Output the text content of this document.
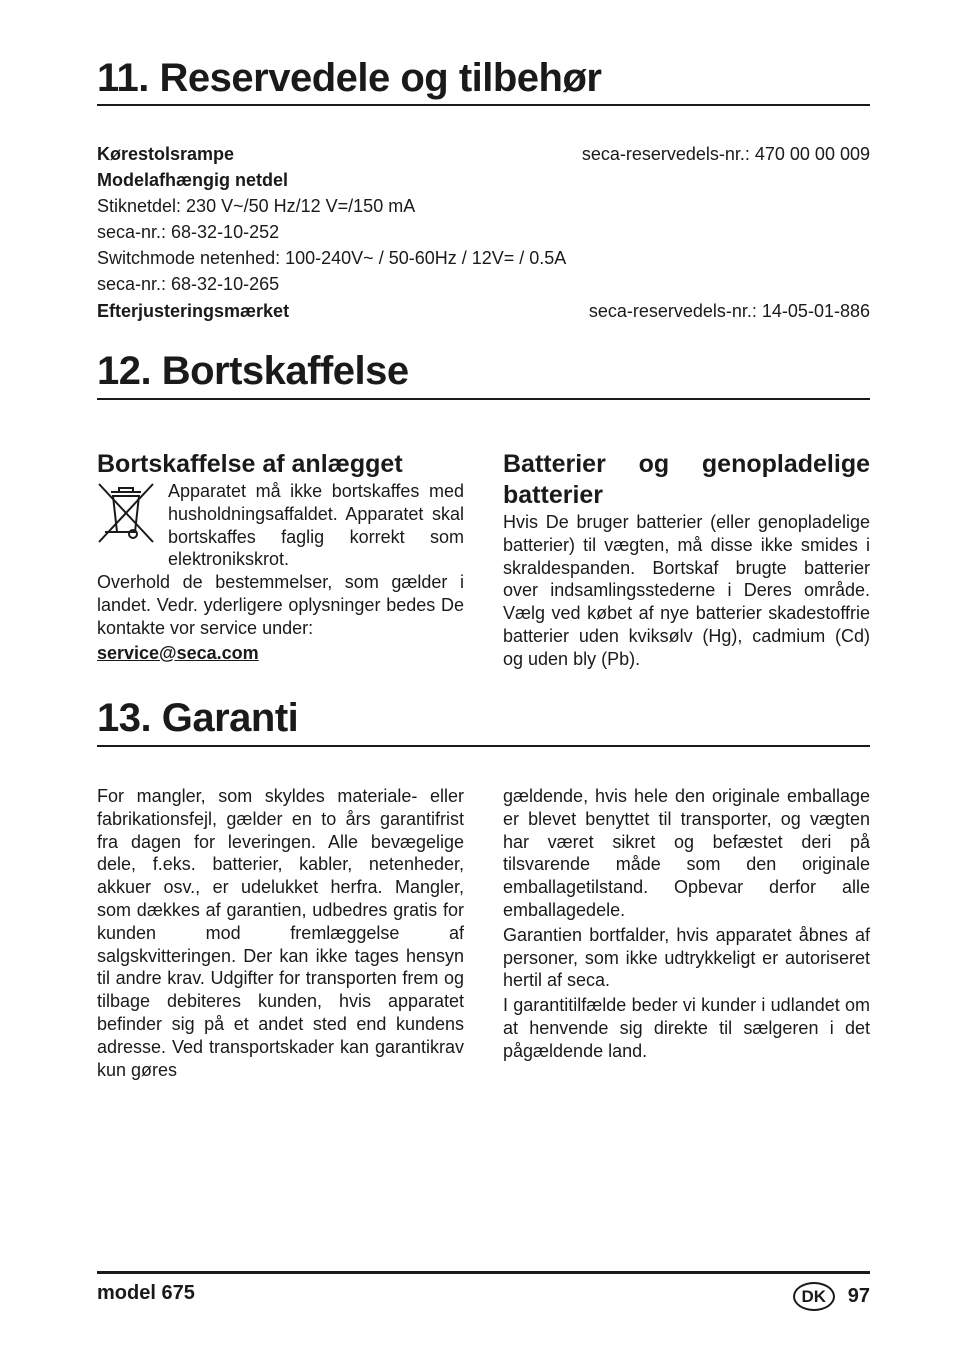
11. Reservedele og tilbehør
Kørestolsrampe	seca-reservedels-nr.: 470 00 00 009
Modelafhængig netdel
Stiknetdel: 230 V~/50 Hz/12 V=/150 mA
seca-nr.: 68-32-10-252
Switchmode netenhed: 100-240V~ / 50-60Hz / 12V= / 0.5A
seca-nr.: 68-32-10-265
Efterjusteringsmærket	seca-reservedels-nr.: 14-05-01-886
12. Bortskaffelse
Bortskaffelse af anlægget

Apparatet må ikke bortskaffes med husholdningsaffaldet. Apparatet skal bortskaffes faglig korrekt som elektronikskrot.

Overhold de bestemmelser, som gælder i landet. Vedr. yderligere oplysninger bedes De kontakte vor service under:

service@seca.com

Batterier og genopladelige batterier

Hvis De bruger batterier (eller genopladelige batterier) til vægten, må disse ikke smides i skraldespanden. Bortskaf brugte batterier over indsamlingsstederne i Deres område. Vælg ved købet af nye batterier skadestoffrie batterier uden kviksølv (Hg), cadmium (Cd) og uden bly (Pb).

13. Garanti

For mangler, som skyldes materiale- eller fabrikationsfejl, gælder en to års garantifrist fra dagen for leveringen. Alle bevægelige dele, f.eks. batterier, kabler, netenheder, akkuer osv., er udelukket herfra. Mangler, som dækkes af garantien, udbedres gratis for kunden mod fremlæggelse af salgskvitteringen. Der kan ikke tages hensyn til andre krav. Udgifter for transporten frem og tilbage debiteres kunden, hvis apparatet befinder sig på et andet sted end kundens adresse. Ved transportskader kan garantikrav kun gøres

gældende, hvis hele den originale emballage er blevet benyttet til transporter, og vægten har været sikret og befæstet deri på tilsvarende måde som den originale emballagetilstand. Opbevar derfor alle emballagedele.

Garantien bortfalder, hvis apparatet åbnes af personer, som ikke udtrykkeligt er autoriseret hertil af seca.

I garantitilfælde beder vi kunder i udlandet om at henvende sig direkte til sælgeren i det pågældende land.

model 675	DK	97
